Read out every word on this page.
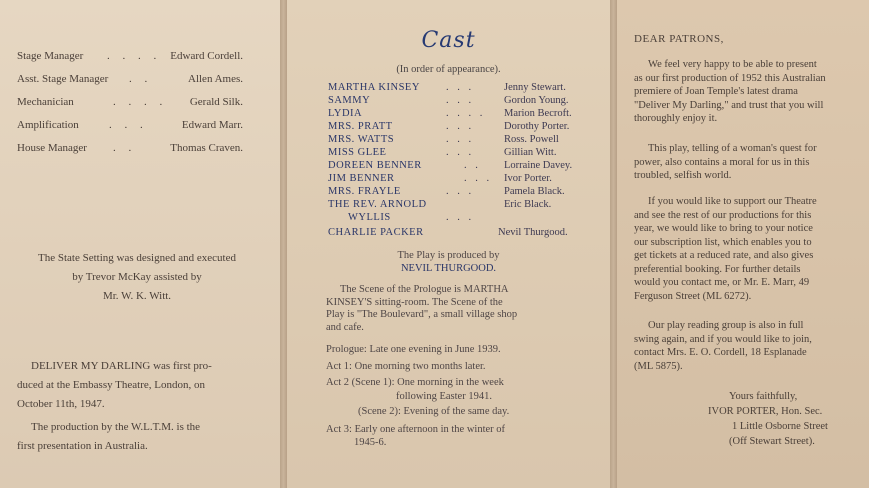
Stage Manager . . . . Edward Cordell.
Asst. Stage Manager . .	Allen Ames.
Mechanician	. . . . Gerald Silk.
Amplification	. . .	Edward Marr.
House Manager . .	Thomas Craven.
The State Setting was designed and executed
by Trevor McKay assisted by
Mr. W. K. Witt.
DELIVER MY DARLING was first pro-
duced at the Embassy Theatre, London, on
October 11th, 1947.
The production by the W.L.T.M. is the
first presentation in Australia.
Cast
(In order of appearance).
MARTHA KINSEY . . .	Jenny Stewart.
SAMMY	. . .	Gordon Young.
LYDIA	. . . . Marion Becroft.
MRS. PRATT	. . .	Dorothy Porter.
MRS. WATTS	. . .	Ross. Powell
MISS GLEE	. . .	Gillian Witt.
DOREEN BENNER	. . Lorraine Davey.
JIM BENNER	. . . Ivor Porter.
MRS. FRAYLE	. . .	Pamela Black.
THE REV. ARNOLD	Eric Black.
WYLLIS	. . .
CHARLIE PACKER	Nevil Thurgood.
The Play is produced by
NEVIL THURGOOD.
The Scene of the Prologue is MARTHA
KINSEY'S sitting-room. The Scene of the
Play is "The Boulevard", a small village shop
and cafe.
Prologue: Late one evening in June 1939.
Act 1: One morning two months later.
Act 2 (Scene 1): One morning in the week
following Easter 1941.
(Scene 2): Evening of the same day.
Act 3: Early one afternoon in the winter of
1945-6.
DEAR PATRONS,
We feel very happy to be able to present
as our first production of 1952 this Australian
premiere of Joan Temple's latest drama
"Deliver My Darling," and trust that you will
thoroughly enjoy it.
This play, telling of a woman's quest for
power, also contains a moral for us in this
troubled, selfish world.
If you would like to support our Theatre
and see the rest of our productions for this
year, we would like to bring to your notice
our subscription list, which enables you to
get tickets at a reduced rate, and also gives
preferential booking. For further details
would you contact me, or Mr. E. Marr, 49
Ferguson Street (ML 6272).
Our play reading group is also in full
swing again, and if you would like to join,
contact Mrs. E. O. Cordell, 18 Esplanade
(ML 5875).
Yours faithfully,
IVOR PORTER, Hon. Sec.
1 Little Osborne Street
(Off Stewart Street).
